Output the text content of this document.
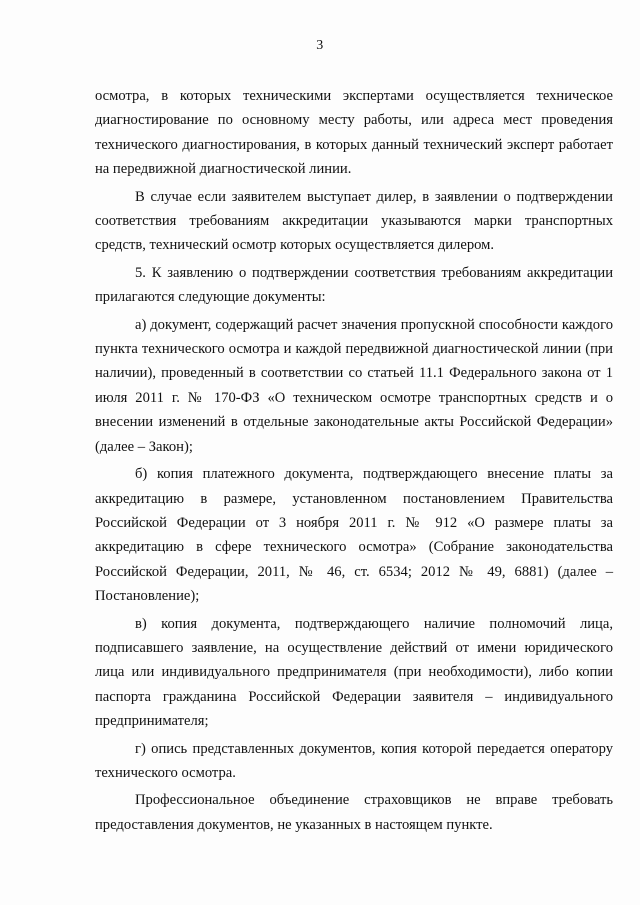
3

осмотра, в которых техническими экспертами осуществляется техническое диагностирование по основному месту работы, или адреса мест проведения технического диагностирования, в которых данный технический эксперт работает на передвижной диагностической линии.

В случае если заявителем выступает дилер, в заявлении о подтверждении соответствия требованиям аккредитации указываются марки транспортных средств, технический осмотр которых осуществляется дилером.

5. К заявлению о подтверждении соответствия требованиям аккредитации прилагаются следующие документы:

а) документ, содержащий расчет значения пропускной способности каждого пункта технического осмотра и каждой передвижной диагностической линии (при наличии), проведенный в соответствии со статьей 11.1 Федерального закона от 1 июля 2011 г. № 170-ФЗ «О техническом осмотре транспортных средств и о внесении изменений в отдельные законодательные акты Российской Федерации» (далее – Закон);

б) копия платежного документа, подтверждающего внесение платы за аккредитацию в размере, установленном постановлением Правительства Российской Федерации от 3 ноября 2011 г. № 912 «О размере платы за аккредитацию в сфере технического осмотра» (Собрание законодательства Российской Федерации, 2011, № 46, ст. 6534; 2012 № 49, 6881) (далее – Постановление);

в) копия документа, подтверждающего наличие полномочий лица, подписавшего заявление, на осуществление действий от имени юридического лица или индивидуального предпринимателя (при необходимости), либо копии паспорта гражданина Российской Федерации заявителя – индивидуального предпринимателя;

г) опись представленных документов, копия которой передается оператору технического осмотра.

Профессиональное объединение страховщиков не вправе требовать предоставления документов, не указанных в настоящем пункте.
